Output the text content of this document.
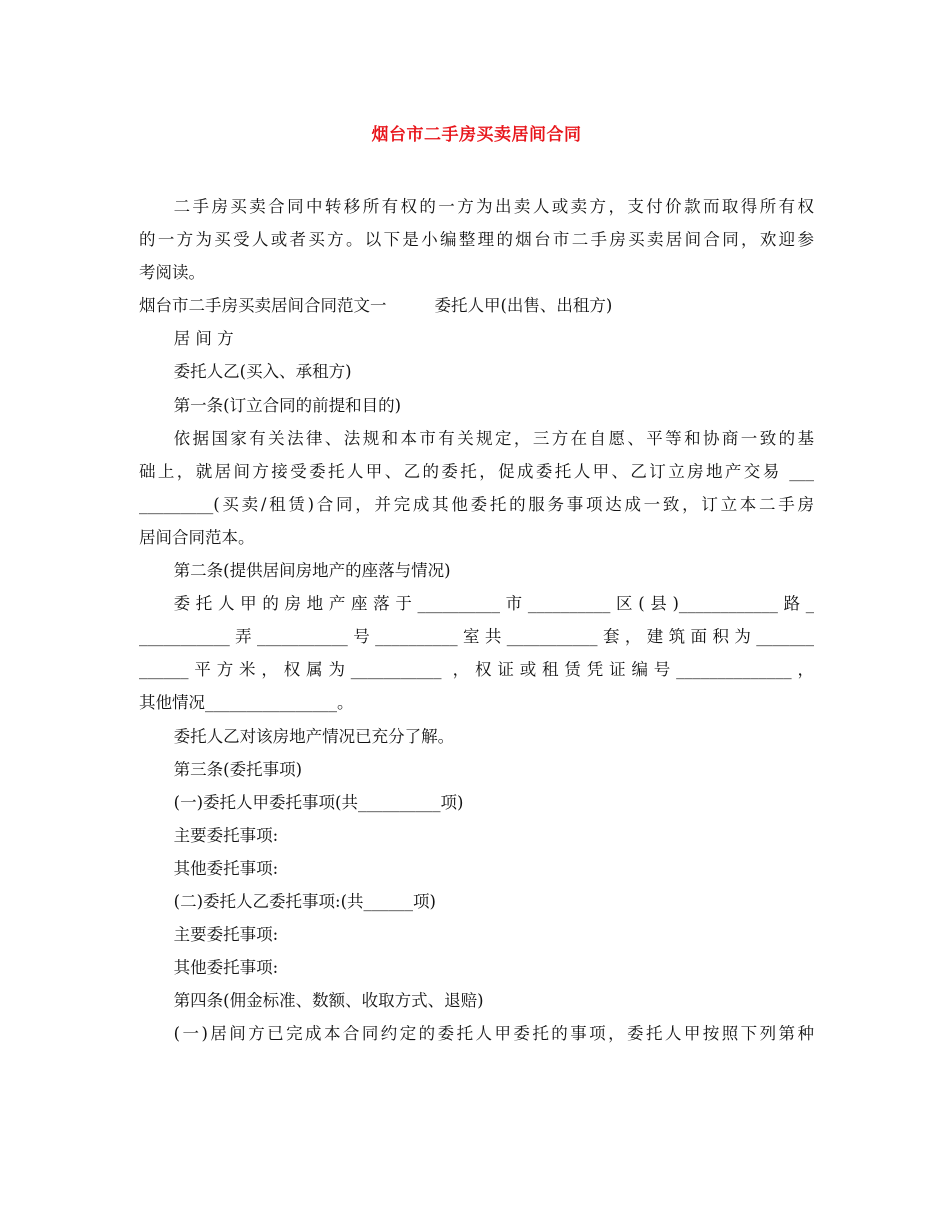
烟台市二手房买卖居间合同

二手房买卖合同中转移所有权的一方为出卖人或卖方，支付价款而取得所有权

的一方为买受人或者买方。以下是小编整理的烟台市二手房买卖居间合同，欢迎参

考阅读。

烟台市二手房买卖居间合同范文一	委托人甲(出售、出租方)

居 间 方

委托人乙(买入、承租方)

第一条(订立合同的前提和目的)

依据国家有关法律、法规和本市有关规定，三方在自愿、平等和协商一致的基

础上，就居间方接受委托人甲、乙的委托，促成委托人甲、乙订立房地产交易 ___

_________(买卖/租赁)合同，并完成其他委托的服务事项达成一致，订立本二手房

居间合同范本。

第二条(提供居间房地产的座落与情况)

委托人甲的房地产座落于__________市__________区(县)____________路_

___________弄___________号__________室共___________套，建筑面积为_______

______平方米，权属为___________ ，权证或租赁凭证编号______________，

其他情况________________。

委托人乙对该房地产情况已充分了解。

第三条(委托事项)

(一)委托人甲委托事项(共__________项)

主要委托事项:

其他委托事项:

(二)委托人乙委托事项:(共______项)

主要委托事项:

其他委托事项:

第四条(佣金标准、数额、收取方式、退赔)

(一)居间方已完成本合同约定的委托人甲委托的事项，委托人甲按照下列第种
